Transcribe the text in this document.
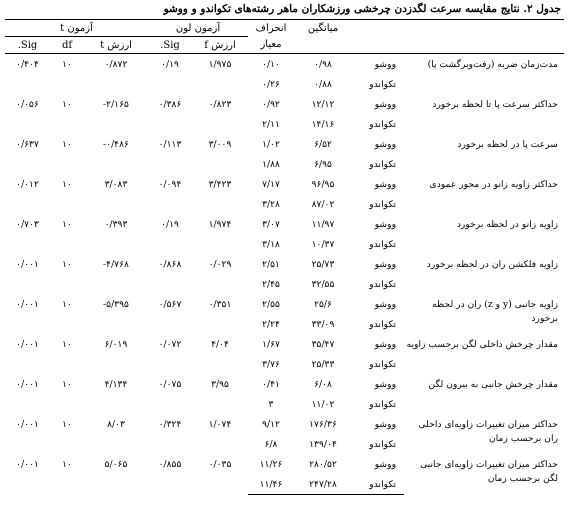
جدول ۲. نتایج مقایسه سرعت لگدزدن چرخشی ورزشکاران ماهر رشته‌های تکواندو و ووشو
		میانگین	انحراف	آزمون لون		آزمون t		
			معیار	ارزش f	Sig.	ارزش t	df	Sig.
مدت‌زمان ضربه (رفت‌وبرگشت پا)	ووشو	۰/۹۸	۰/۱۰	۱/۹۷۵	۰/۱۹	۰/۸۷۲	۱۰	۰/۴۰۴
	تکواندو	۰/۸۸	۰/۲۶					
حداکثر سرعت پا تا لحظه برخورد	ووشو	۱۲/۱۲	۰/۹۲	۰/۸۲۳	۰/۳۸۶	-۲/۱۶۵	۱۰	۰/۰۵۶
	تکواندو	۱۴/۱۶	۲/۱۱					
سرعت پا در لحظه برخورد	ووشو	۶/۵۲	۱/۰۲	۳/۰۰۹	۰/۱۱۳	-۰/۴۸۶	۱۰	۰/۶۳۷
	تکواندو	۶/۹۵	۱/۸۸					
حداکثر زاویه زانو در محور عمودی	ووشو	۹۶/۹۵	۷/۱۷	۳/۴۲۳	۰/۰۹۴	۳/۰۸۳	۱۰	۰/۰۱۲
	تکواندو	۸۷/۰۲	۳/۲۸					
زاویه زانو در لحظه برخورد	ووشو	۱۱/۹۷	۳/۰۷	۱/۹۷۴	۰/۱۹	۰/۳۹۳	۱۰	۰/۷۰۳
	تکواندو	۱۰/۳۷	۳/۱۸					
زاویه فلکشن ران در لحظه برخورد	ووشو	۲۵/۷۳	۲/۵۱	۰/۰۲۹	۰/۸۶۸	-۴/۷۶۸	۱۰	۰/۰۰۱
	تکواندو	۳۲/۵۵	۲/۴۵					
زاویه جانبی (y و z) ران در لحظه برخورد	ووشو	۲۵/۶	۲/۵۵	۰/۳۵۱	۰/۵۶۷	-۵/۳۹۵	۱۰	۰/۰۰۱
	تکواندو	۳۳/۰۹	۲/۲۴					
مقدار چرخش داخلی لگن برحسب زاویه	ووشو	۳۵/۴۷	۱/۶۷	۴/۰۴	۰/۰۷۲	۶/۰۱۹	۱۰	۰/۰۰۱
	تکواندو	۲۵/۳۳	۳/۷۶					
مقدار چرخش جانبی به بیرون لگن	ووشو	۶/۰۸	۰/۴۱	۳/۹۵	۰/۰۷۵	۴/۱۳۴	۱۰	۰/۰۰۱
	تکواندو	۱۱/۰۲	۳					
حداکثر میزان تغییرات زاویه‌ای داخلی ران برحسب زمان	ووشو	۱۷۶/۳۶	۹/۱۲	۱/۰۷۴	۰/۳۲۴	۸/۰۳	۱۰	۰/۰۰۱
	تکواندو	۱۳۹/۰۴	۶/۸					
حداکثر میزان تغییرات زاویه‌ای جانبی لگن برحسب زمان	ووشو	۲۸۰/۵۲	۱۱/۲۶	۰/۰۳۵	۰/۸۵۵	۵/۰۶۵	۱۰	۰/۰۰۱
	تکواندو	۲۴۷/۲۸	۱۱/۴۶					
